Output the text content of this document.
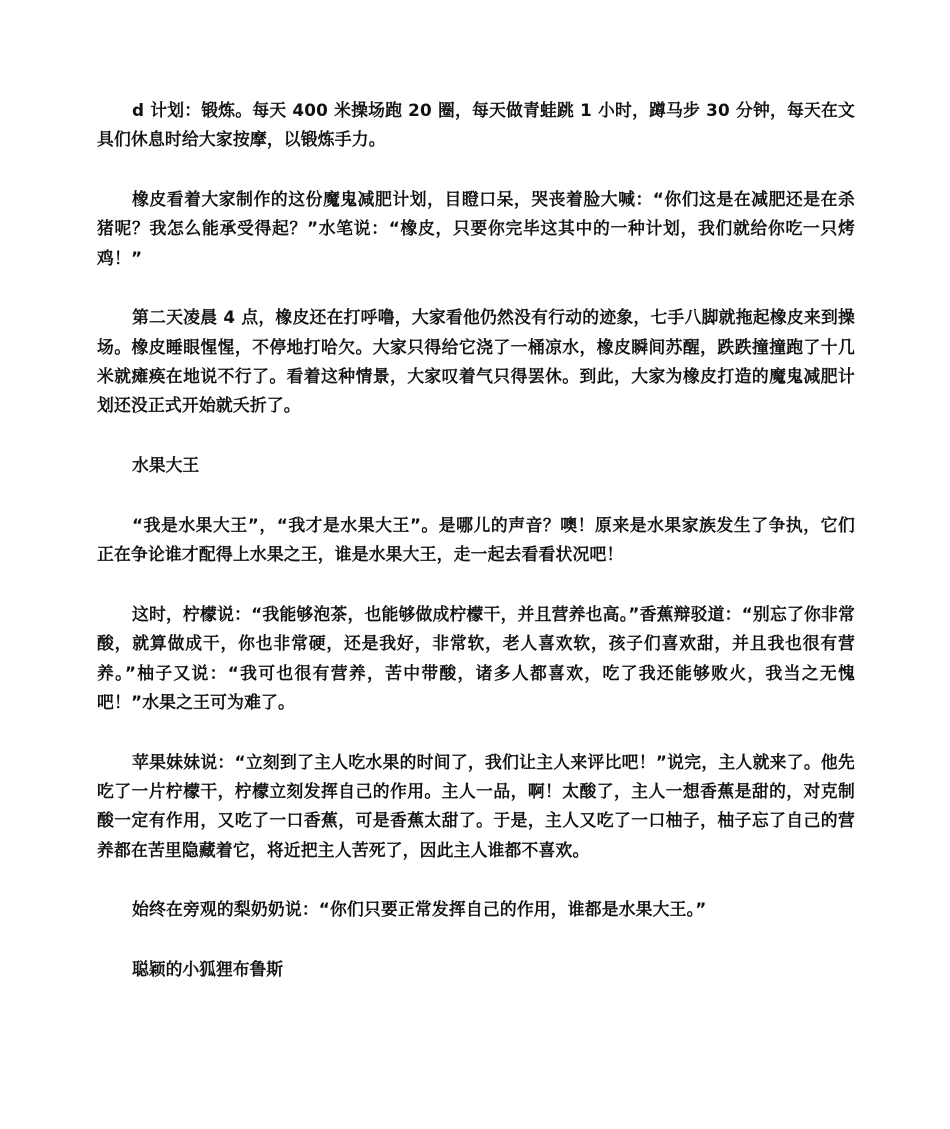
d 计划：锻炼。每天 400 米操场跑 20 圈，每天做青蛙跳 1 小时，蹲马步 30 分钟，每天在文具们休息时给大家按摩，以锻炼手力。

橡皮看着大家制作的这份魔鬼减肥计划，目瞪口呆，哭丧着脸大喊：“你们这是在减肥还是在杀猪呢？我怎么能承受得起？”水笔说：“橡皮，只要你完毕这其中的一种计划，我们就给你吃一只烤鸡！”

第二天凌晨 4 点，橡皮还在打呼噜，大家看他仍然没有行动的迹象，七手八脚就拖起橡皮来到操场。橡皮睡眼惺惺，不停地打哈欠。大家只得给它浇了一桶凉水，橡皮瞬间苏醒，跌跌撞撞跑了十几米就瘫痪在地说不行了。看着这种情景，大家叹着气只得罢休。到此，大家为橡皮打造的魔鬼减肥计划还没正式开始就夭折了。

水果大王

“我是水果大王”，“我才是水果大王”。是哪儿的声音？噢！原来是水果家族发生了争执，它们正在争论谁才配得上水果之王，谁是水果大王，走一起去看看状况吧！

这时，柠檬说：“我能够泡茶，也能够做成柠檬干，并且营养也高。”香蕉辩驳道：“别忘了你非常酸，就算做成干，你也非常硬，还是我好，非常软，老人喜欢软，孩子们喜欢甜，并且我也很有营养。”柚子又说：“我可也很有营养，苦中带酸，诸多人都喜欢，吃了我还能够败火，我当之无愧吧！”水果之王可为难了。

苹果妹妹说：“立刻到了主人吃水果的时间了，我们让主人来评比吧！”说完，主人就来了。他先吃了一片柠檬干，柠檬立刻发挥自己的作用。主人一品，啊！太酸了，主人一想香蕉是甜的，对克制酸一定有作用，又吃了一口香蕉，可是香蕉太甜了。于是，主人又吃了一口柚子，柚子忘了自己的营养都在苦里隐藏着它，将近把主人苦死了，因此主人谁都不喜欢。

始终在旁观的梨奶奶说：“你们只要正常发挥自己的作用，谁都是水果大王。”

聪颖的小狐狸布鲁斯
